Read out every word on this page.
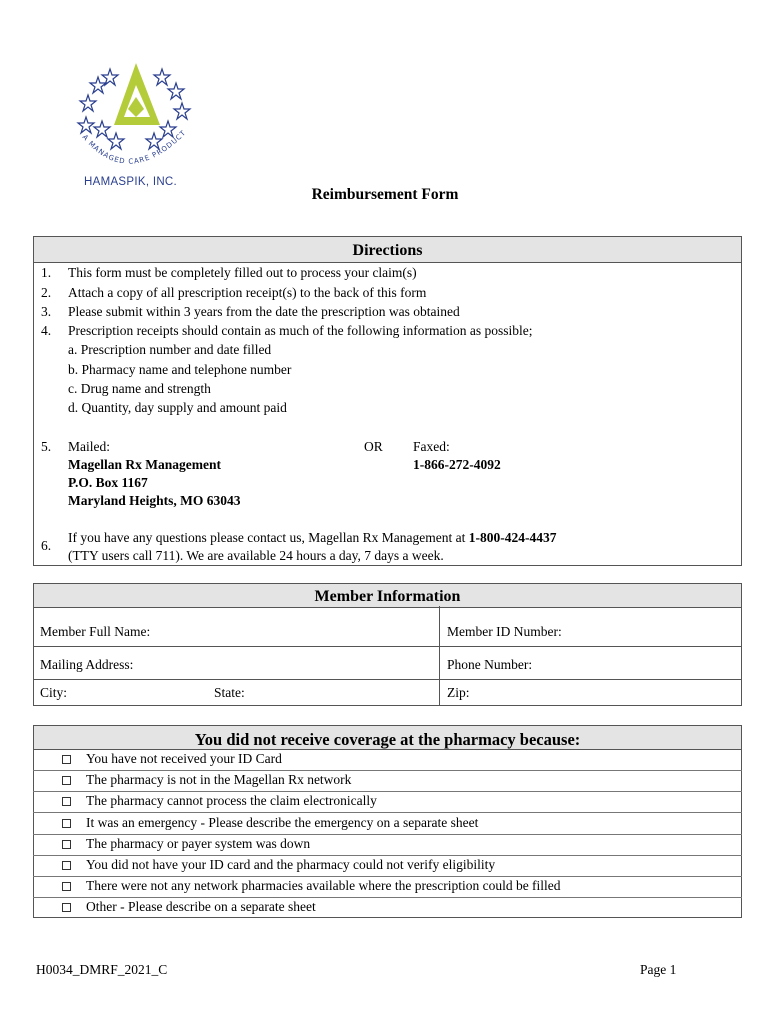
A MANAGED CARE PRODUCT
HAMASPIK, INC.
Reimbursement Form
Directions
1. This form must be completely filled out to process your claim(s)
2. Attach a copy of all prescription receipt(s) to the back of this form
3. Please submit within 3 years from the date the prescription was obtained
4. Prescription receipts should contain as much of the following information as possible;
a. Prescription number and date filled
b. Pharmacy name and telephone number
c. Drug name and strength
d. Quantity, day supply and amount paid
5. Mailed:
Magellan Rx Management
P.O. Box 1167
Maryland Heights, MO 63043
OR Faxed:
1-866-272-4092
6.
If you have any questions please contact us, Magellan Rx Management at 1-800-424-4437
(TTY users call 711). We are available 24 hours a day, 7 days a week.
Member Information
Member Full Name:	Member ID Number:
Mailing Address:	Phone Number:
City:	State:	Zip:
You did not receive coverage at the pharmacy because:
You have not received your ID Card
The pharmacy is not in the Magellan Rx network
The pharmacy cannot process the claim electronically
It was an emergency - Please describe the emergency on a separate sheet
The pharmacy or payer system was down
You did not have your ID card and the pharmacy could not verify eligibility
There were not any network pharmacies available where the prescription could be filled
Other - Please describe on a separate sheet
H0034_DMRF_2021_C	Page 1
